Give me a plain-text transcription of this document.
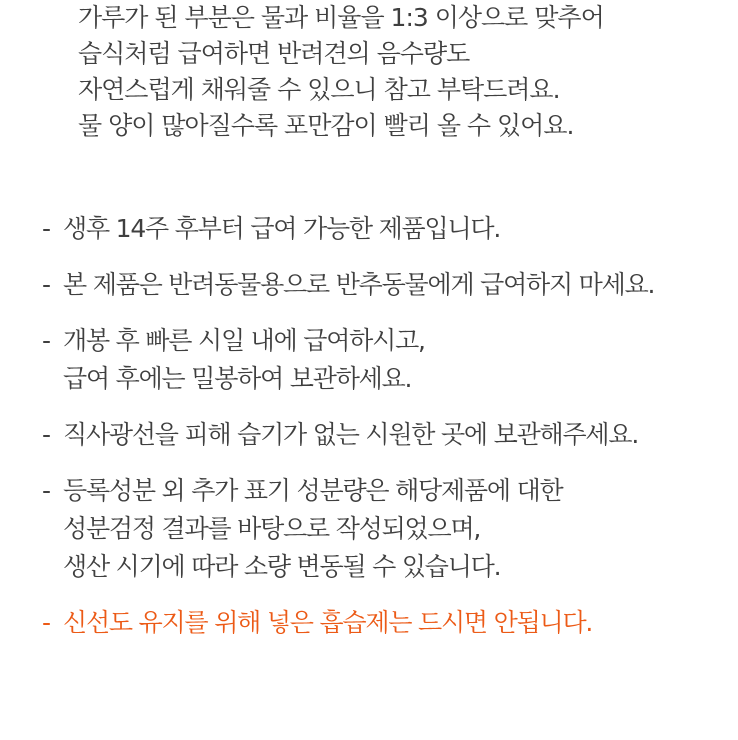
가루가 된 부분은 물과 비율을 1:3 이상으로 맞추어
습식처럼 급여하면 반려견의 음수량도
자연스럽게 채워줄 수 있으니 참고 부탁드려요.
물 양이 많아질수록 포만감이 빨리 올 수 있어요.
- 생후 14주 후부터 급여 가능한 제품입니다.
- 본 제품은 반려동물용으로 반추동물에게 급여하지 마세요.
- 개봉 후 빠른 시일 내에 급여하시고,
급여 후에는 밀봉하여 보관하세요.
- 직사광선을 피해 습기가 없는 시원한 곳에 보관해주세요.
- 등록성분 외 추가 표기 성분량은 해당제품에 대한
성분검정 결과를 바탕으로 작성되었으며,
생산 시기에 따라 소량 변동될 수 있습니다.
- 신선도 유지를 위해 넣은 흡습제는 드시면 안됩니다.
